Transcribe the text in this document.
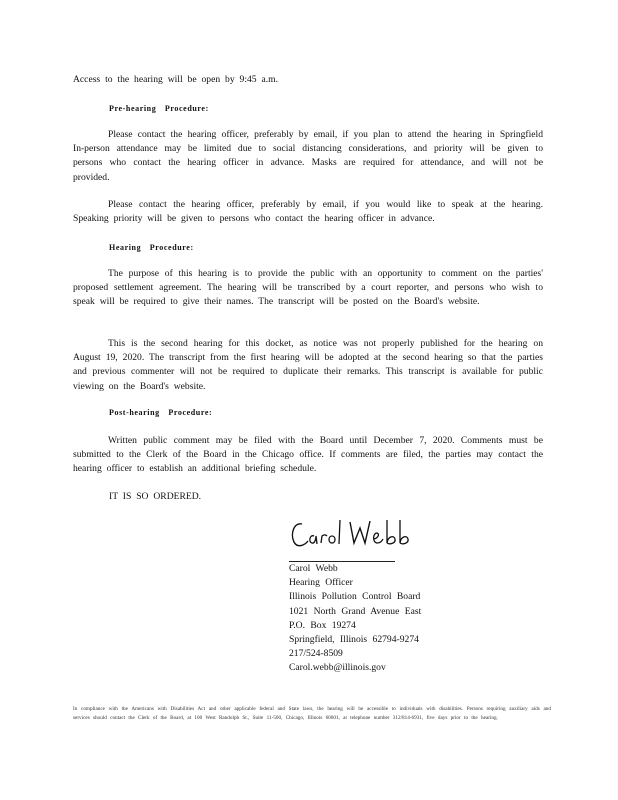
Access to the hearing will be open by 9:45 a.m.
Pre-hearing Procedure:
Please contact the hearing officer, preferably by email, if you plan to attend the hearing in Springfield In-person attendance may be limited due to social distancing considerations, and priority will be given to persons who contact the hearing officer in advance. Masks are required for attendance, and will not be provided.
Please contact the hearing officer, preferably by email, if you would like to speak at the hearing. Speaking priority will be given to persons who contact the hearing officer in advance.
Hearing Procedure:
The purpose of this hearing is to provide the public with an opportunity to comment on the parties' proposed settlement agreement. The hearing will be transcribed by a court reporter, and persons who wish to speak will be required to give their names. The transcript will be posted on the Board's website.
This is the second hearing for this docket, as notice was not properly published for the hearing on August 19, 2020. The transcript from the first hearing will be adopted at the second hearing so that the parties and previous commenter will not be required to duplicate their remarks. This transcript is available for public viewing on the Board's website.
Post-hearing Procedure:
Written public comment may be filed with the Board until December 7, 2020. Comments must be submitted to the Clerk of the Board in the Chicago office. If comments are filed, the parties may contact the hearing officer to establish an additional briefing schedule.
IT IS SO ORDERED.
Carol Webb
Hearing Officer
Illinois Pollution Control Board
1021 North Grand Avenue East
P.O. Box 19274
Springfield, Illinois 62794-9274
217/524-8509
Carol.webb@illinois.gov
In compliance with the Americans with Disabilities Act and other applicable federal and State laws, the hearing will be accessible to individuals with disabilities. Persons requiring auxiliary aids and services should contact the Clerk of the Board, at 100 West Randolph St., Suite 11-500, Chicago, Illinois 60601, at telephone number 312/814-6931, five days prior to the hearing.
